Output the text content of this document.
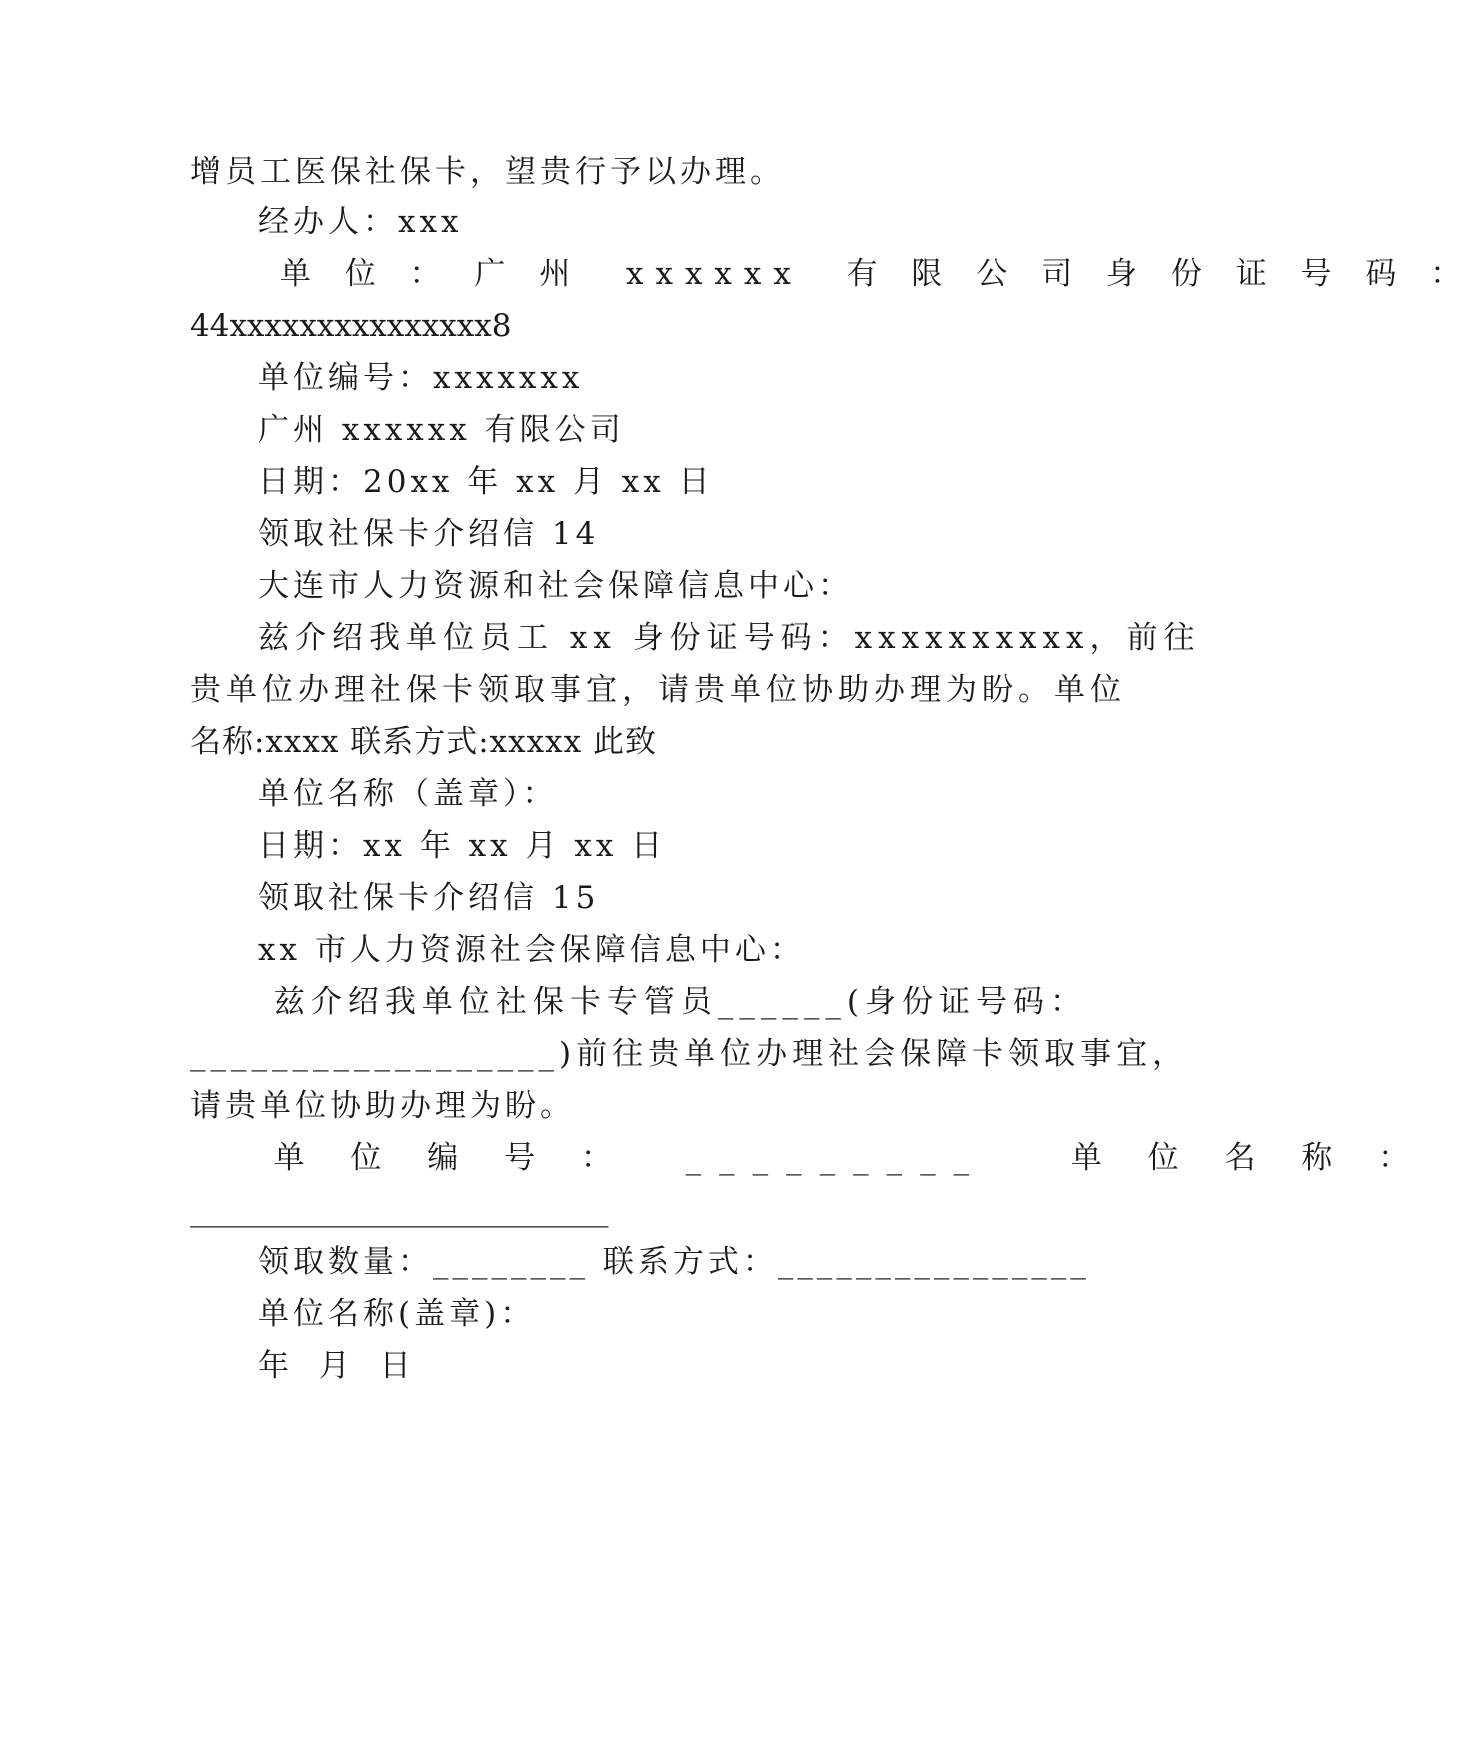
增员工医保社保卡，望贵行予以办理。
经办人：xxx
单 位 ： 广 州  xxxxxx  有 限 公 司 身 份 证 号 码 ：
44xxxxxxxxxxxxxxx8
单位编号：xxxxxxx
广州 xxxxxx 有限公司
日期：20xx 年 xx 月 xx 日
领取社保卡介绍信 14
大连市人力资源和社会保障信息中心：
兹介绍我单位员工 xx 身份证号码：xxxxxxxxxx，前往
贵单位办理社保卡领取事宜，请贵单位协助办理为盼。单位
名称:xxxx 联系方式:xxxxx 此致
单位名称（盖章）：
日期：xx 年 xx 月 xx 日
领取社保卡介绍信 15
xx 市人力资源社会保障信息中心：
兹介绍我单位社保卡专管员______(身份证号码：
__________________)前往贵单位办理社会保障卡领取事宜，
请贵单位协助办理为盼。
单 位 编 号 ：  _________   单 位 名 称 ：
___________________________
领取数量：________ 联系方式：________________
单位名称(盖章)：
年 月 日
